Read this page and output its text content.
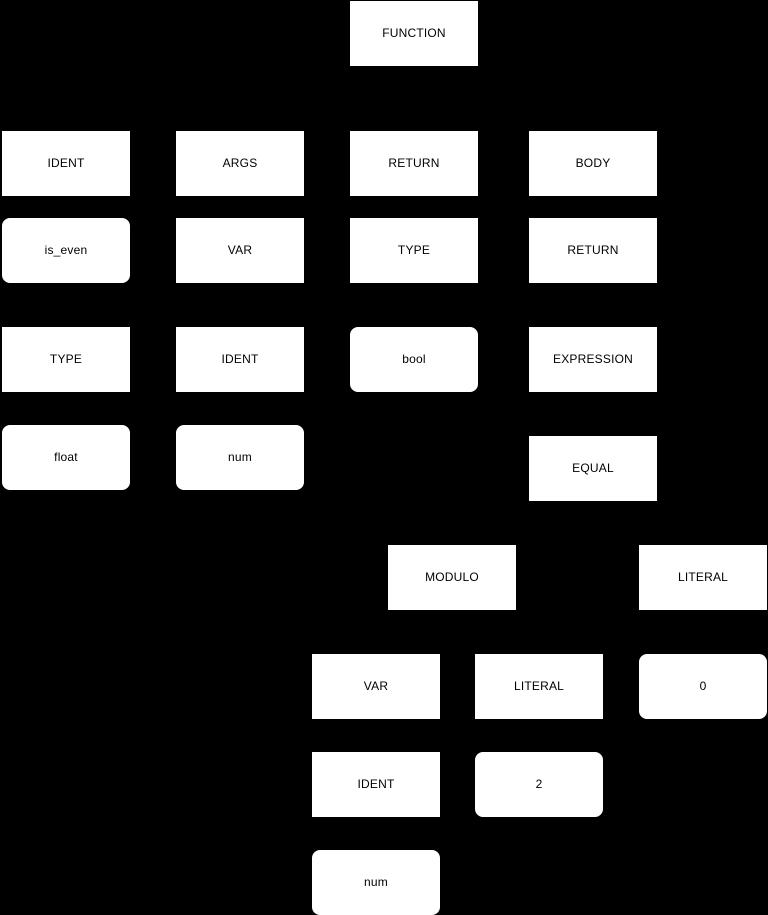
FUNCTION
IDENT	ARGS	RETURN	BODY
is_even	VAR	TYPE	RETURN
TYPE	IDENT	bool	EXPRESSION
float	num
EQUAL
MODULO	LITERAL
VAR	LITERAL	0
IDENT	2
num
